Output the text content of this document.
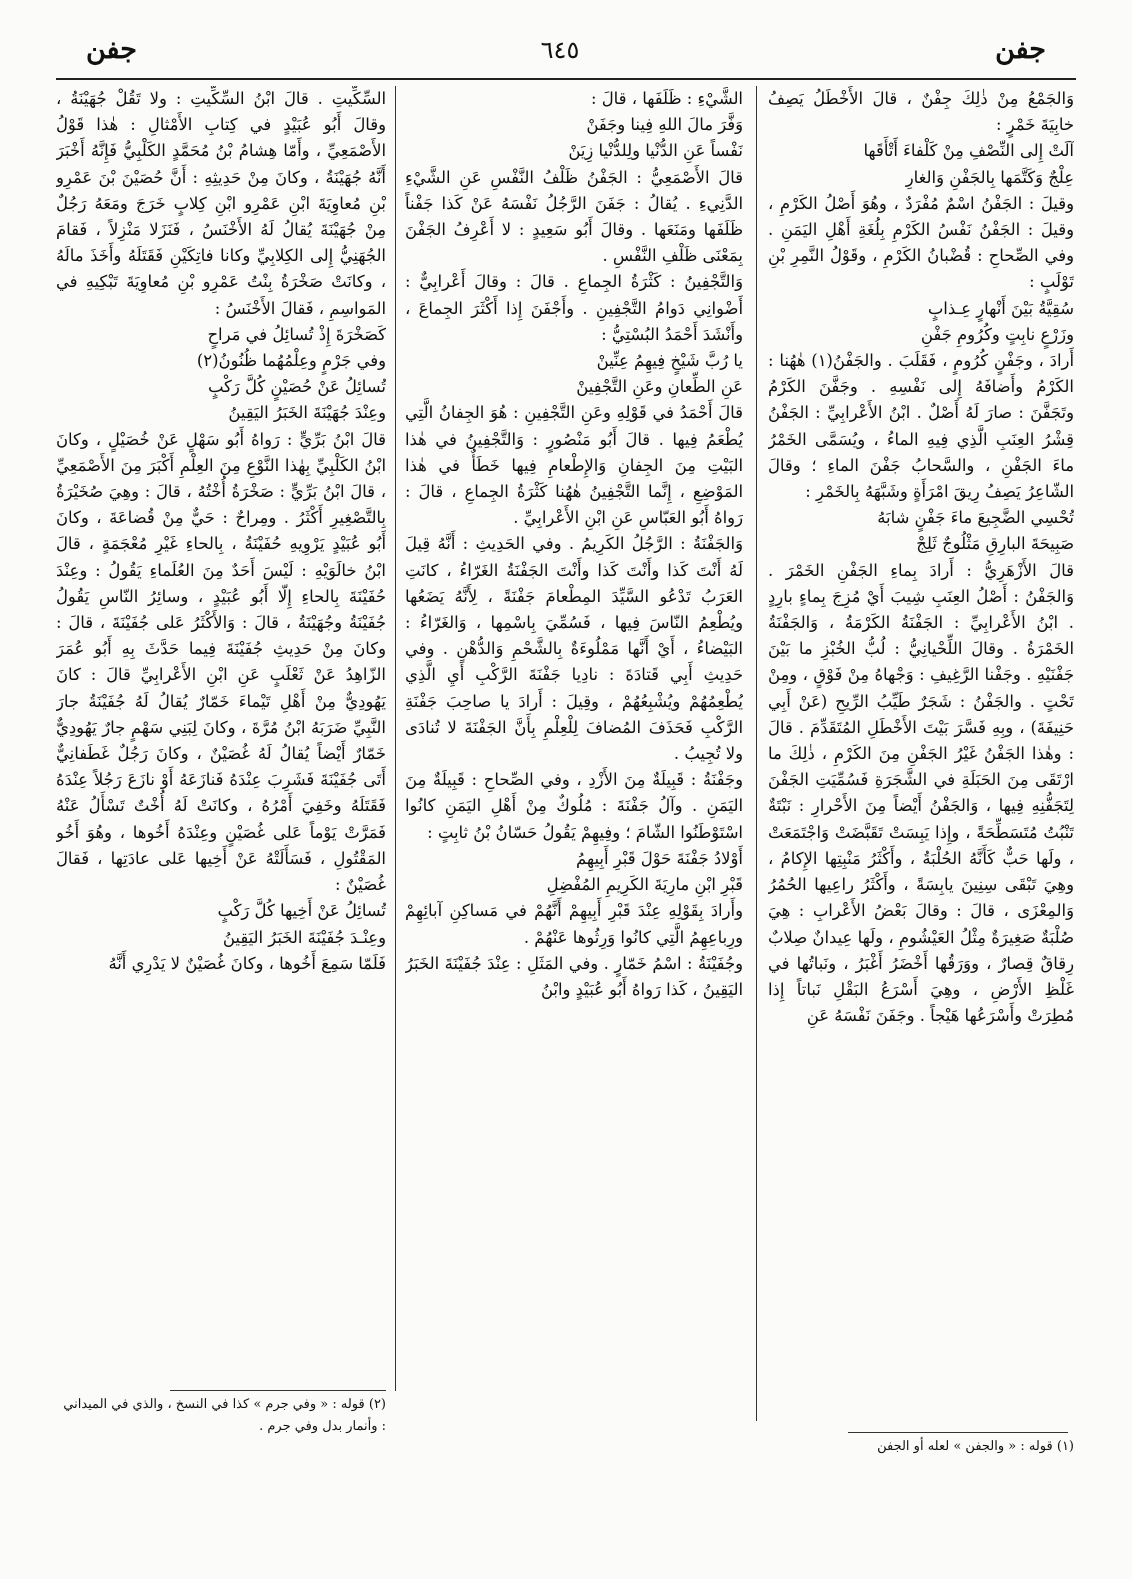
جفن
٦٤٥
جفن

وَالجَمْعُ مِنْ ذٰلِكَ جِفْنٌ ، قالَ الأَخْطَلُ يَصِفُ خابِيَةَ خَمْرٍ :
آلَتْ إِلى النِّصْفِ مِنْ كَلْفاءَ أَتْأَقَها
عِلْجٌ وَكَتَّمَها بِالجَفْنِ وَالغارِ
وقيلَ : الجَفْنُ اسْمٌ مُفْرَدٌ ، وهُوَ أَصْلُ الكَرْمِ ، وقيلَ : الجَفْنُ نَفْسُ الكَرْمِ بِلُغَةِ أَهْلِ اليَمَنِ . وفي الصِّحاحِ : قُضْبانُ الكَرْمِ ، وقَوْلُ النَّمِرِ بْنِ تَوْلَبٍ :
سُقِيَّةُ بَيْنَ أَنْهارٍ عِـذابٍ
وزَرْعٍ نابِتٍ وكُرُومِ جَفْنِ
أَرادَ ، وجَفْنٍ كُرُومٍ ، فَقَلَبَ . والجَفْنُ(١) هٰهُنا : الكَرْمُ وأَضافَهُ إِلى نَفْسِهِ . وجَفَّنَ الكَرْمُ وتَجَفَّنَ : صارَ لَهُ أَصْلٌ . ابْنُ الأَعْرابِيِّ : الجَفْنُ قِشْرُ العِنَبِ الَّذِي فِيهِ الماءُ ، ويُسَمَّى الخَمْرُ ماءَ الجَفْنِ ، والسَّحابُ جَفْنَ الماءِ ؛ وقالَ الشّاعِرُ يَصِفُ رِيقَ امْرَأَةٍ وشَبَّهَهُ بِالخَمْرِ :
تُحْسِي الضَّجِيعَ ماءَ جَفْنٍ شابَهُ
صَبِيحَةَ البارِقِ مَثْلُوجٌ ثَلِجْ
قالَ الأَزْهَرِيُّ : أَرادَ بِماءِ الجَفْنِ الخَمْرَ . وَالجَفْنُ : أَصْلُ العِنَبِ شِيبَ أَيْ مُزِجَ بِماءٍ بارِدٍ . ابْنُ الأَعْرابِيِّ : الجَفْنَةُ الكَرْمَةُ ، وَالجَفْنَةُ الخَمْرَةُ . وقالَ اللِّحْيانِيُّ : لُبُّ الخُبْزِ ما بَيْنَ جَفْنَيْهِ . وجَفْنا الرَّغِيفِ : وَجْهاهُ مِنْ فَوْقٍ ، ومِنْ تَحْتٍ . والجَفْنُ : شَجَرٌ طَيِّبُ الرِّيحِ (عَنْ أَبِي حَنِيفَةَ) ، وبِهِ فَسَّرَ بَيْتَ الأَخْطَلِ المُتَقَدِّمَ . قالَ : وهٰذا الجَفْنُ غَيْرُ الجَفْنِ مِنَ الكَرْمِ ، ذٰلِكَ ما ارْتَقَى مِنَ الحَبَلَةِ في الشَّجَرَةِ فَسُمِّيَتِ الجَفْنَ لِتَجَفُّنِهِ فِيها ، وَالجَفْنُ أَيْضاً مِنَ الأَحْرارِ : نَبْتَةٌ تَنْبُتُ مُتَسَطِّحَةً ، وإِذا يَبِسَتْ تَقَبَّضَتْ وَاجْتَمَعَتْ ، ولَها حَبٌّ كَأَنَّهُ الحُلْبَةُ ، وأَكْثَرُ مَنْبِتِها الإِكامُ ، وهِيَ تَبْقَى سِنِينَ يابِسَةً ، وأَكْثَرُ راعِيها الحُمُرُ وَالمِعْزَى ، قالَ : وقالَ بَعْضُ الأَعْرابِ : هِيَ صُلْبَةٌ صَغِيرَةٌ مِثْلُ العَيْشُومِ ، ولَها عِيدانٌ صِلابٌ رِقاقٌ قِصارٌ ، ووَرَقُها أَخْضَرُ أَغْبَرُ ، ونَباتُها في غَلْظِ الأَرْضِ ، وهِيَ أَسْرَعُ البَقْلِ نَباتاً إِذا مُطِرَتْ وأَسْرَعُها هَيْجاً . وجَفَنَ نَفْسَهُ عَنِ

الشَّيْءِ : ظَلَفَها ، قالَ :
وَفَّرَ مالَ اللهِ فِينا وجَفَنْ
نَفْساً عَنِ الدُّنْيا ولِلدُّنْيا زِيَنْ
قالَ الأَصْمَعِيُّ : الجَفْنُ ظَلْفُ النَّفْسِ عَنِ الشَّيْءِ الدَّنِيءِ . يُقالُ : جَفَنَ الرَّجُلُ نَفْسَهُ عَنْ كَذا جَفْناً ظَلَفَها ومَنَعَها . وقالَ أَبُو سَعِيدٍ : لا أَعْرِفُ الجَفْنَ بِمَعْنَى ظَلْفِ النَّفْسِ .
وَالتَّجْفِينُ : كَثْرَةُ الجِماعِ . قالَ : وقالَ أَعْرابِيٌّ : أَضْوانِي دَوامُ التَّجْفِينِ . وأَجْفَنَ إِذا أَكْثَرَ الجِماعَ ، وأَنْشَدَ أَحْمَدُ البُسْتِيُّ :
يا رُبَّ شَيْخٍ فِيهِمُ عِنِّينْ
عَنِ الطِّعانِ وعَنِ التَّجْفِينْ
قالَ أَحْمَدُ في قَوْلِهِ وعَنِ التَّجْفِينِ : هُوَ الجِفانُ الَّتِي يُطْعَمُ فِيها . قالَ أَبُو مَنْصُورٍ : وَالتَّجْفِينُ في هٰذا البَيْتِ مِنَ الجِفانِ وَالإِطْعامِ فِيها خَطَأٌ في هٰذا المَوْضِعِ ، إِنَّما التَّجْفِينُ هٰهُنا كَثْرَةُ الجِماعِ ، قالَ : رَواهُ أَبُو العَبّاسِ عَنِ ابْنِ الأَعْرابِيِّ .
وَالجَفْنَةُ : الرَّجُلُ الكَرِيمُ . وفي الحَدِيثِ : أَنَّهُ قِيلَ لَهُ أَنْتَ كَذا وأَنْتَ كَذا وأَنْتَ الجَفْنَةُ الغَرّاءُ ، كانَتِ العَرَبُ تَدْعُو السَّيِّدَ المِطْعامَ جَفْنَةً ، لِأَنَّهُ يَضَعُها ويُطْعِمُ النّاسَ فِيها ، فَسُمِّيَ بِاسْمِها ، وَالغَرّاءُ : البَيْضاءُ ، أَيْ أَنَّها مَمْلُوءَةٌ بِالشَّحْمِ وَالدُّهْنِ . وفي حَدِيثِ أَبِي قَتادَةَ : نادِيا جَفْنَةَ الرَّكْبِ أَيِ الَّذِي يُطْعِمُهُمْ ويُشْبِعُهُمْ ، وقِيلَ : أَرادَ يا صاحِبَ جَفْنَةِ الرَّكْبِ فَحَذَفَ المُضافَ لِلْعِلْمِ بِأَنَّ الجَفْنَةَ لا تُنادَى ولا تُجِيبُ .
وجَفْنَةُ : قَبِيلَةٌ مِنَ الأَزْدِ ، وفي الصِّحاحِ : قَبِيلَةٌ مِنَ اليَمَنِ . وآلُ جَفْنَةَ : مُلُوكٌ مِنْ أَهْلِ اليَمَنِ كانُوا اسْتَوْطَنُوا الشّامَ ؛ وفِيهِمْ يَقُولُ حَسّانُ بْنُ ثابِتٍ :
أَوْلادُ جَفْنَةَ حَوْلَ قَبْرِ أَبِيهِمُ
قَبْرِ ابْنِ مارِيَةَ الكَرِيمِ المُفْضِلِ
وأَرادَ بِقَوْلِهِ عِنْدَ قَبْرِ أَبِيهِمْ أَنَّهُمْ في مَساكِنِ آبائِهِمْ ورِباعِهِمُ الَّتِي كانُوا وَرِثُوها عَنْهُمْ .
وجُفَيْنَةُ : اسْمُ خَمّارٍ . وفي المَثَلِ : عِنْدَ جُفَيْنَةَ الخَبَرُ اليَقِينُ ، كَذا رَواهُ أَبُو عُبَيْدٍ وابْنُ

السِّكِّيتِ . قالَ ابْنُ السِّكِّيتِ : ولا تَقُلْ جُهَيْنَةُ ، وقالَ أَبُو عُبَيْدٍ في كِتابِ الأَمْثالِ : هٰذا قَوْلُ الأَصْمَعِيِّ ، وأَمّا هِشامُ بْنُ مُحَمَّدٍ الكَلْبِيُّ فَإِنَّهُ أَخْبَرَ أَنَّهُ جُهَيْنَةُ ، وكانَ مِنْ حَدِيثِهِ : أَنَّ حُصَيْنَ بْنَ عَمْرِو بْنِ مُعاوِيَةَ ابْنِ عَمْرِو ابْنِ كِلابٍ خَرَجَ ومَعَهُ رَجُلٌ مِنْ جُهَيْنَةَ يُقالُ لَهُ الأَخْنَسُ ، فَنَزَلا مَنْزِلاً ، فَقامَ الجُهَنِيُّ إِلى الكِلابِيِّ وكانا فاتِكَيْنِ فَقَتَلَهُ وأَخَذَ مالَهُ ، وكانَتْ صَخْرَةُ بِنْتُ عَمْرِو بْنِ مُعاوِيَةَ تَبْكِيهِ في المَواسِمِ ، فَقالَ الأَخْنَسُ :
كَصَخْرَةَ إِذْ تُسائِلُ في مَراحٍ
وفي جَرْمٍ وعِلْمُهُما ظُنُونُ(٢)
تُسائِلُ عَنْ حُصَيْنٍ كُلَّ رَكْبٍ
وعِنْدَ جُهَيْنَةَ الخَبَرُ اليَقِينُ
قالَ ابْنُ بَرِّيٍّ : رَواهُ أَبُو سَهْلٍ عَنْ خُصَيْلٍ ، وكانَ ابْنُ الكَلْبِيِّ بِهٰذا النَّوْعِ مِنَ العِلْمِ أَكْبَرَ مِنَ الأَصْمَعِيِّ ، قالَ ابْنُ بَرِّيٍّ : صَخْرَةُ أُخْتُهُ ، قالَ : وهِيَ صُخَيْرَةُ بِالتَّصْغِيرِ أَكْثَرُ . ومِراحٌ : حَيٌّ مِنْ قُضاعَةَ ، وكانَ أَبُو عُبَيْدٍ يَرْوِيهِ حُفَيْنَةُ ، بِالحاءِ غَيْرِ مُعْجَمَةٍ ، قالَ ابْنُ خالَوَيْهِ : لَيْسَ أَحَدٌ مِنَ العُلَماءِ يَقُولُ : وعِنْدَ حُفَيْنَةَ بِالحاءِ إِلّا أَبُو عُبَيْدٍ ، وسائِرُ النّاسِ يَقُولُ جُفَيْنَةُ وجُهَيْنَةُ ، قالَ : وَالأَكْثَرُ عَلى جُفَيْنَةَ ، قالَ : وكانَ مِنْ حَدِيثِ جُفَيْنَةَ فِيما حَدَّثَ بِهِ أَبُو عُمَرَ الزّاهِدُ عَنْ ثَعْلَبٍ عَنِ ابْنِ الأَعْرابِيِّ قالَ : كانَ يَهُودِيٌّ مِنْ أَهْلِ تَيْماءَ خَمّارٌ يُقالُ لَهُ جُفَيْنَةُ جارَ النَّبِيِّ ضَرَبَهُ ابْنُ مُرَّةَ ، وكانَ لِبَنِي سَهْمٍ جارٌ يَهُودِيٌّ خَمّارٌ أَيْضاً يُقالُ لَهُ غُصَيْنٌ ، وكانَ رَجُلٌ غَطَفانِيٌّ أَتَى جُفَيْنَةَ فَشَرِبَ عِنْدَهُ فَنازَعَهُ أَوْ نازَعَ رَجُلاً عِنْدَهُ فَقَتَلَهُ وخَفِيَ أَمْرُهُ ، وكانَتْ لَهُ أُخْتٌ تَسْأَلُ عَنْهُ فَمَرَّتْ يَوْماً عَلى غُصَيْنٍ وعِنْدَهُ أَخُوها ، وهُوَ أَخُو المَقْتُولِ ، فَسَأَلَتْهُ عَنْ أَخِيها عَلى عادَتِها ، فَقالَ غُصَيْنٌ :
تُسائِلُ عَنْ أَخِيها كُلَّ رَكْبٍ
وعِنْـدَ جُفَيْنَةَ الخَبَرُ اليَقِينُ
فَلَمّا سَمِعَ أَخُوها ، وكانَ غُصَيْنٌ لا يَدْرِي أَنَّهُ

(١) قوله : « والجفن » لعله أو الجفن
(٢) قوله : « وفي جرم » كذا في النسخ ، والذي في الميداني : وأنمار بدل وفي جرم .
